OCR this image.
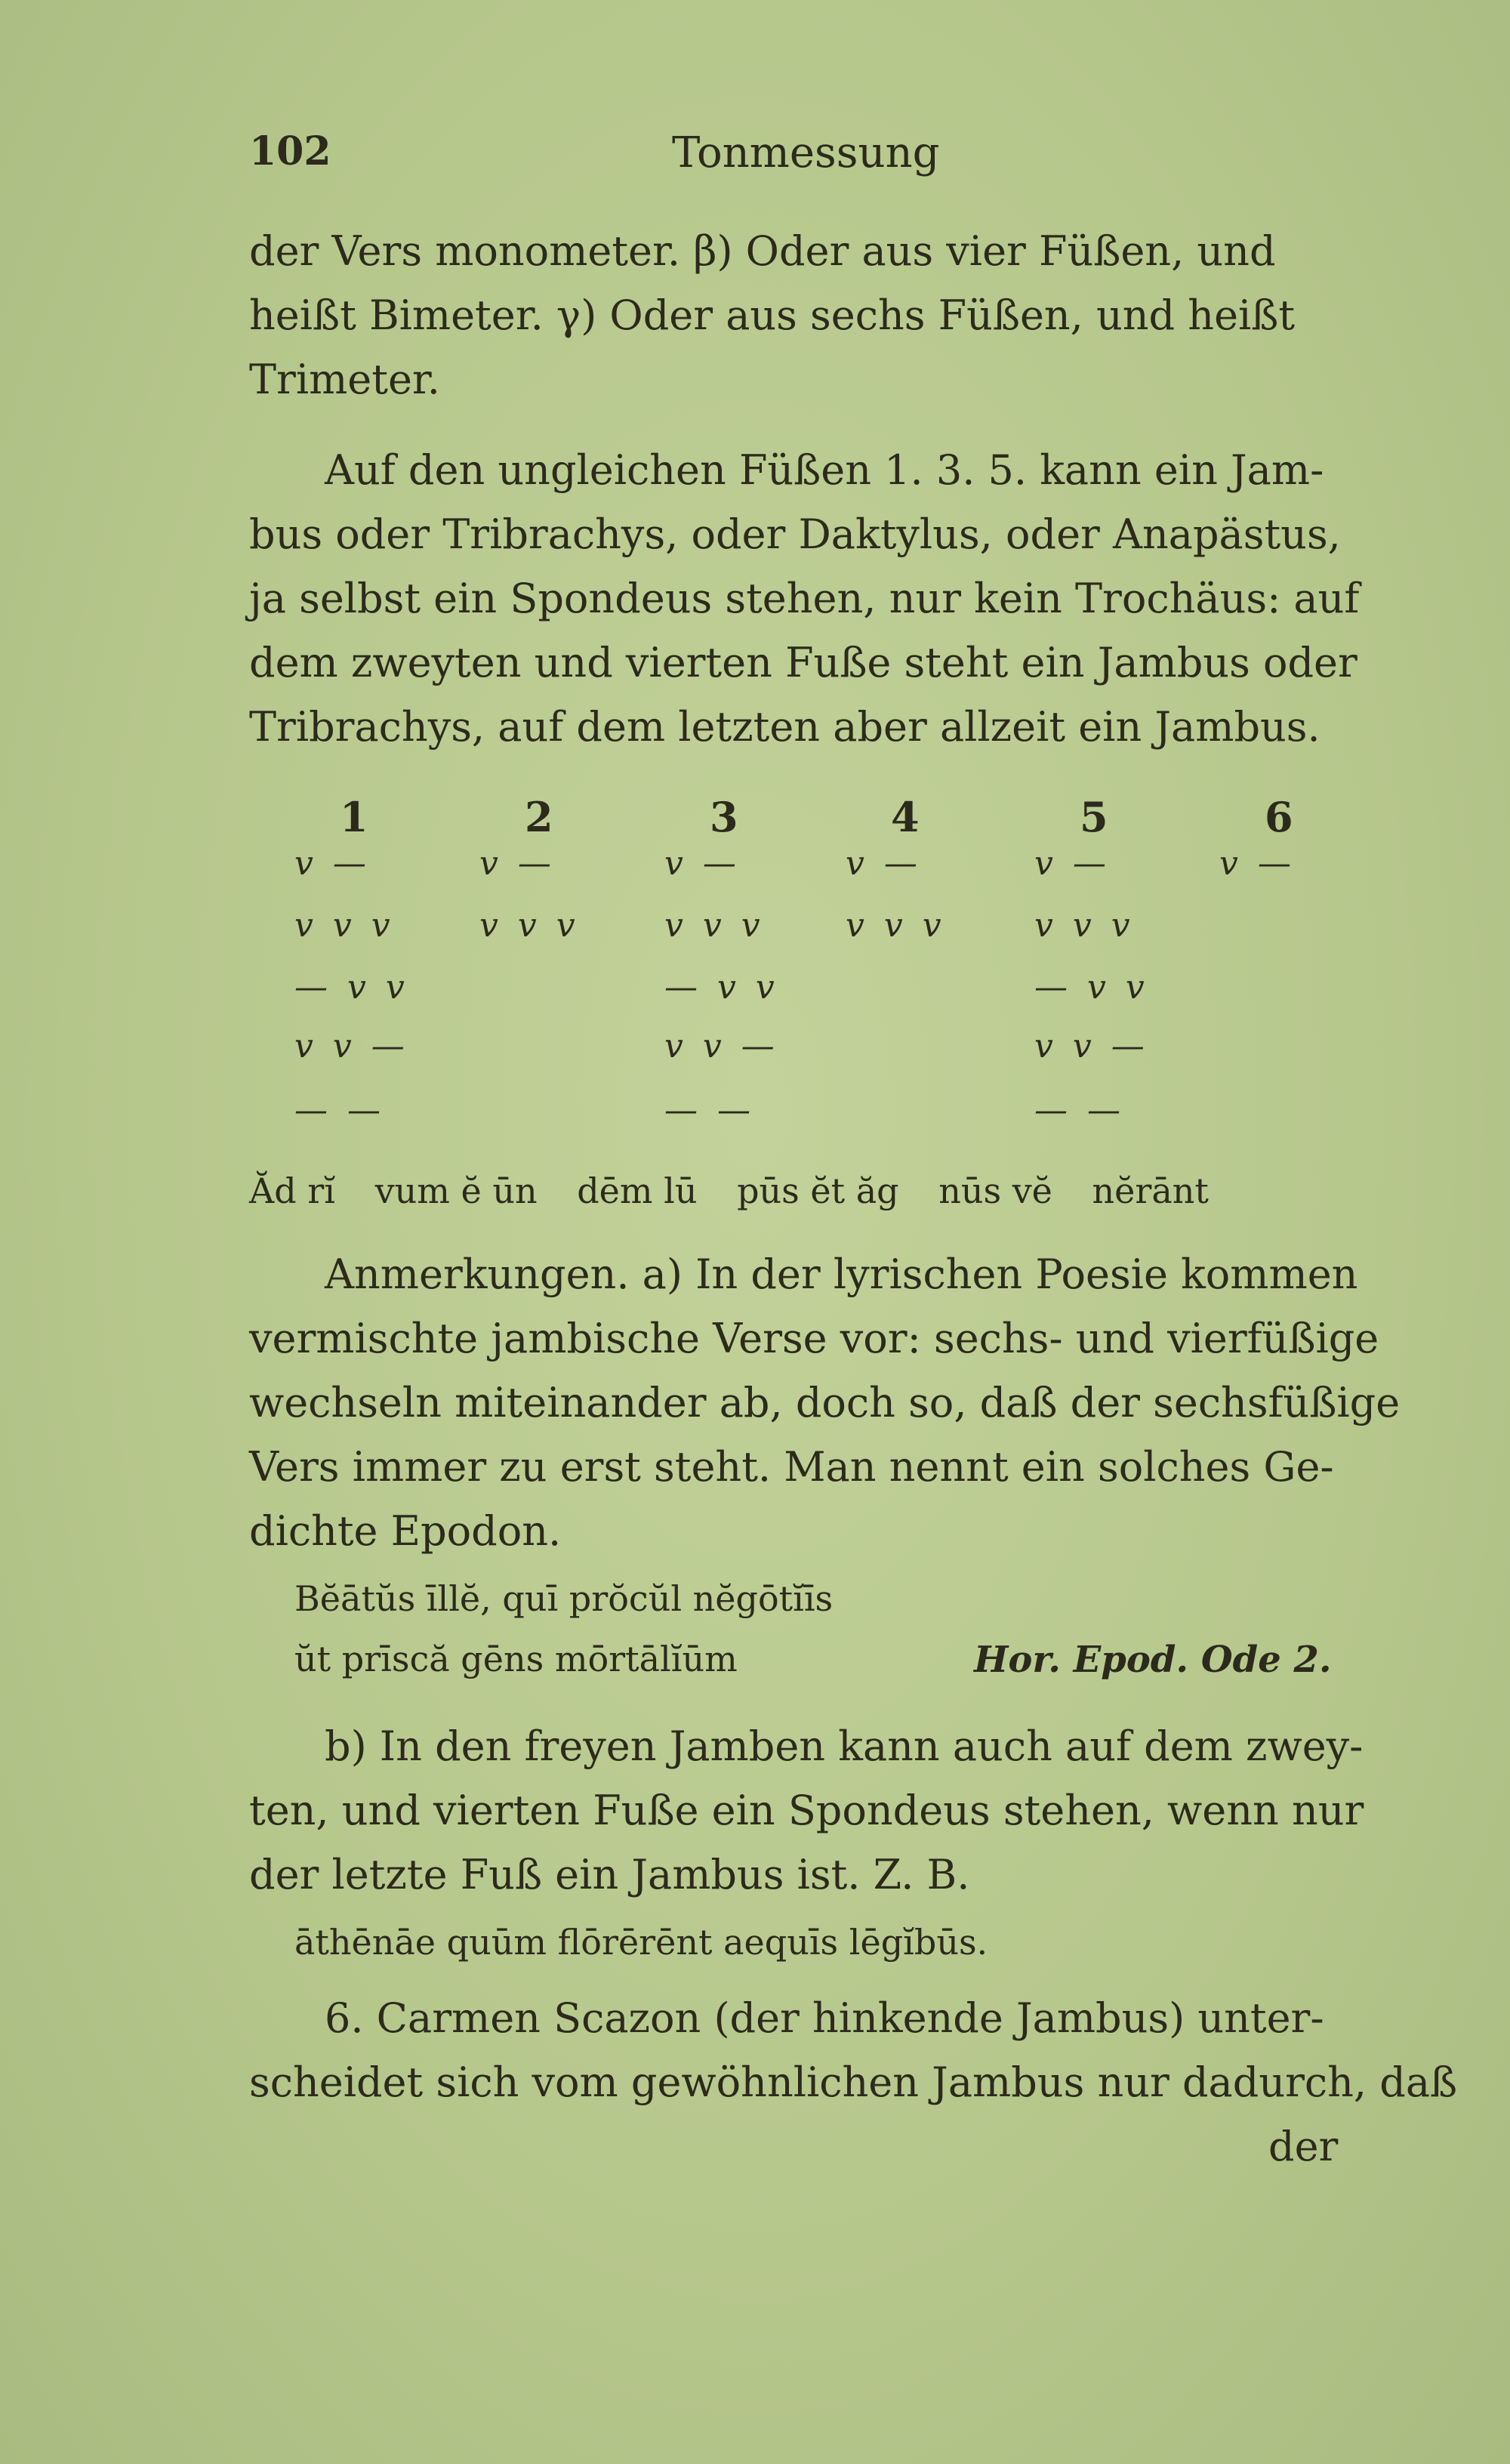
102	Tonmessung

der Vers monometer. β) Oder aus vier Füßen, und

heißt Bimeter. γ) Oder aus sechs Füßen, und heißt

Trimeter.

Auf den ungleichen Füßen 1. 3. 5. kann ein Jam-

bus oder Tribrachys, oder Daktylus, oder Anapästus,

ja selbst ein Spondeus stehen, nur kein Trochäus: auf

dem zweyten und vierten Fuße steht ein Jambus oder

Tribrachys, auf dem letzten aber allzeit ein Jambus.

1
v —
v v v
— v v
v v —
— —
2
v —
v v v
3
v —
v v v
— v v
v v —
— —
4
v —
v v v
5
v —
v v v
— v v
v v —
— —
6
v —
Ăd rĭ vum ĕ ūn dēm lū pūs ĕt ăg nūs vĕ nĕrānt

Anmerkungen. a) In der lyrischen Poesie kommen

vermischte jambische Verse vor: sechs- und vierfüßige

wechseln miteinander ab, doch so, daß der sechsfüßige

Vers immer zu erst steht. Man nennt ein solches Ge-

dichte Epodon.

Bĕātŭs īllĕ, quī prŏcŭl nĕgōtĭīs
ŭt prīscă gēns mōrtālĭūm	Hor. Epod. Ode 2.

b) In den freyen Jamben kann auch auf dem zwey-

ten, und vierten Fuße ein Spondeus stehen, wenn nur

der letzte Fuß ein Jambus ist. Z. B.

āthēnāe quūm flōrērēnt aequīs lēgĭbūs.

6. Carmen Scazon (der hinkende Jambus) unter-

scheidet sich vom gewöhnlichen Jambus nur dadurch, daß

der
